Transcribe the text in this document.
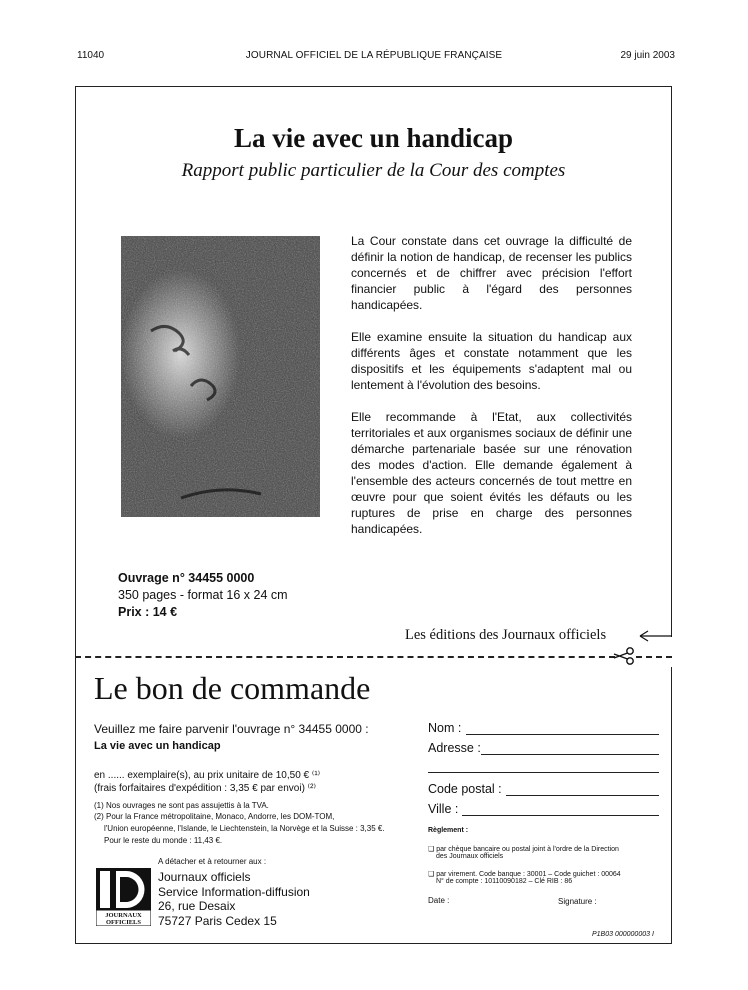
11040	JOURNAL OFFICIEL DE LA RÉPUBLIQUE FRANÇAISE	29 juin 2003
La vie avec un handicap
Rapport public particulier de la Cour des comptes

La Cour constate dans cet ouvrage la difficulté de définir la notion de handicap, de recenser les publics concernés et de chiffrer avec précision l'effort financier public à l'égard des personnes handicapées.

Elle examine ensuite la situation du handicap aux différents âges et constate notamment que les dispositifs et les équipements s'adaptent mal ou lentement à l'évolution des besoins.

Elle recommande à l'Etat, aux collectivités territoriales et aux organismes sociaux de définir une démarche partenariale basée sur une rénovation des modes d'action. Elle demande également à l'ensemble des acteurs concernés de tout mettre en œuvre pour que soient évités les défauts ou les ruptures de prise en charge des personnes handicapées.

Ouvrage n° 34455 0000
350 pages - format 16 x 24 cm
Prix : 14 €
Les éditions des Journaux officiels
Le bon de commande
Veuillez me faire parvenir l'ouvrage n° 34455 0000 :
La vie avec un handicap
en ...... exemplaire(s), au prix unitaire de 10,50 € ⁽¹⁾
(frais forfaitaires d'expédition : 3,35 € par envoi) ⁽²⁾
(1) Nos ouvrages ne sont pas assujettis à la TVA.
(2) Pour la France métropolitaine, Monaco, Andorre, les DOM-TOM,
l'Union européenne, l'Islande, le Liechtenstein, la Norvège et la Suisse : 3,35 €.
Pour le reste du monde : 11,43 €.
JOURNAUX
OFFICIELS
A détacher et à retourner aux :
Journaux officiels
Service Information-diffusion
26, rue Desaix
75727 Paris Cedex 15
Nom :
Adresse :
Code postal :
Ville :
Règlement :
❑ par chèque bancaire ou postal joint à l'ordre de la Direction
des Journaux officiels
❑ par virement. Code banque : 30001 – Code guichet : 00064
N° de compte : 10110090182 – Clé RIB : 86
Date :	Signature :
P1B03 000000003 I
